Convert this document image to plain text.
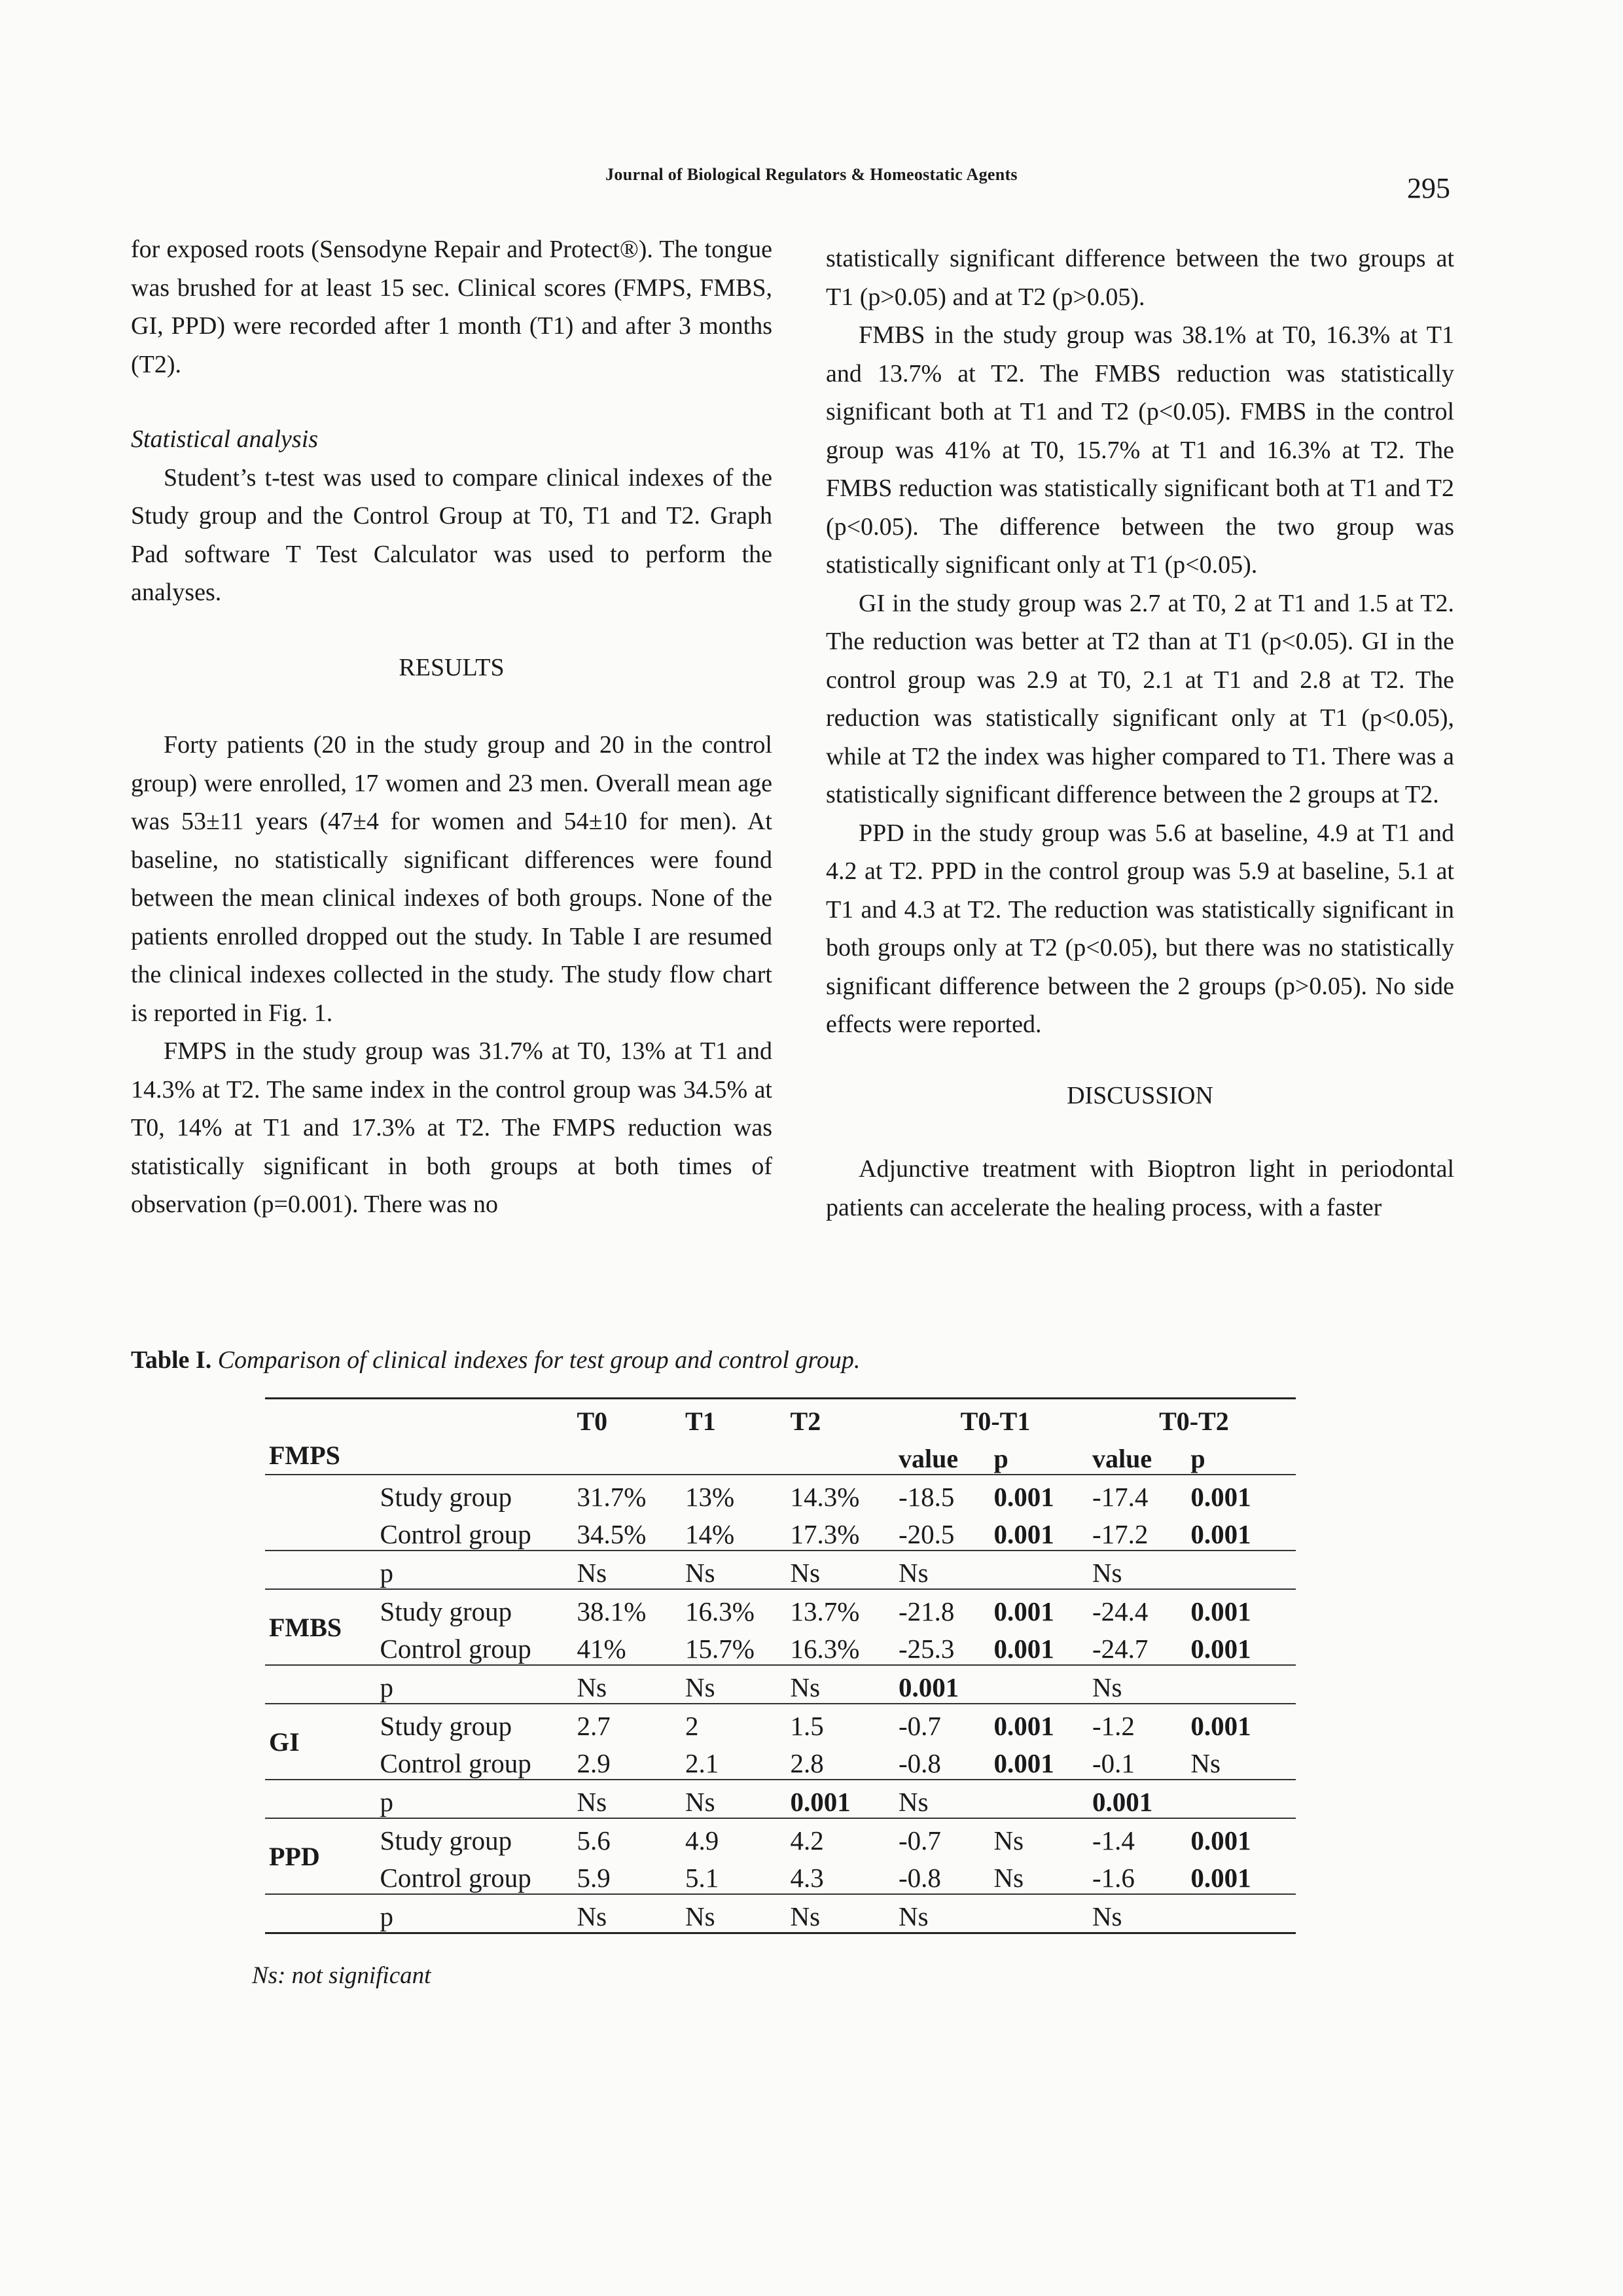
Journal of Biological Regulators & Homeostatic Agents	295

for exposed roots (Sensodyne Repair and Protect®). The tongue was brushed for at least 15 sec. Clinical scores (FMPS, FMBS, GI, PPD) were recorded after 1 month (T1) and after 3 months (T2).

Statistical analysis

Student’s t-test was used to compare clinical indexes of the Study group and the Control Group at T0, T1 and T2. Graph Pad software T Test Calculator was used to perform the analyses.

RESULTS

Forty patients (20 in the study group and 20 in the control group) were enrolled, 17 women and 23 men. Overall mean age was 53±11 years (47±4 for women and 54±10 for men). At baseline, no statistically significant differences were found between the mean clinical indexes of both groups. None of the patients enrolled dropped out the study. In Table I are resumed the clinical indexes collected in the study. The study flow chart is reported in Fig. 1.

FMPS in the study group was 31.7% at T0, 13% at T1 and 14.3% at T2. The same index in the control group was 34.5% at T0, 14% at T1 and 17.3% at T2. The FMPS reduction was statistically significant in both groups at both times of observation (p=0.001). There was no

statistically significant difference between the two groups at T1 (p>0.05) and at T2 (p>0.05).

FMBS in the study group was 38.1% at T0, 16.3% at T1 and 13.7% at T2. The FMBS reduction was statistically significant both at T1 and T2 (p<0.05). FMBS in the control group was 41% at T0, 15.7% at T1 and 16.3% at T2. The FMBS reduction was statistically significant both at T1 and T2 (p<0.05). The difference between the two group was statistically significant only at T1 (p<0.05).

GI in the study group was 2.7 at T0, 2 at T1 and 1.5 at T2. The reduction was better at T2 than at T1 (p<0.05). GI in the control group was 2.9 at T0, 2.1 at T1 and 2.8 at T2. The reduction was statistically significant only at T1 (p<0.05), while at T2 the index was higher compared to T1. There was a statistically significant difference between the 2 groups at T2.

PPD in the study group was 5.6 at baseline, 4.9 at T1 and 4.2 at T2. PPD in the control group was 5.9 at baseline, 5.1 at T1 and 4.3 at T2. The reduction was statistically significant in both groups only at T2 (p<0.05), but there was no statistically significant difference between the 2 groups (p>0.05). No side effects were reported.

DISCUSSION

Adjunctive treatment with Bioptron light in periodontal patients can accelerate the healing process, with a faster

Table I. Comparison of clinical indexes for test group and control group.
		T0	T1	T2	T0-T1		T0-T2	
FMPS					value	p	value	p
	Study group	31.7%	13%	14.3%	-18.5	0.001	-17.4	0.001
	Control group	34.5%	14%	17.3%	-20.5	0.001	-17.2	0.001
	p	Ns	Ns	Ns	Ns		Ns	
FMBS	Study group	38.1%	16.3%	13.7%	-21.8	0.001	-24.4	0.001
	Control group	41%	15.7%	16.3%	-25.3	0.001	-24.7	0.001
	p	Ns	Ns	Ns	0.001		Ns	
GI	Study group	2.7	2	1.5	-0.7	0.001	-1.2	0.001
	Control group	2.9	2.1	2.8	-0.8	0.001	-0.1	Ns
	p	Ns	Ns	0.001	Ns		0.001	
PPD	Study group	5.6	4.9	4.2	-0.7	Ns	-1.4	0.001
	Control group	5.9	5.1	4.3	-0.8	Ns	-1.6	0.001
	p	Ns	Ns	Ns	Ns		Ns	
Ns: not significant
